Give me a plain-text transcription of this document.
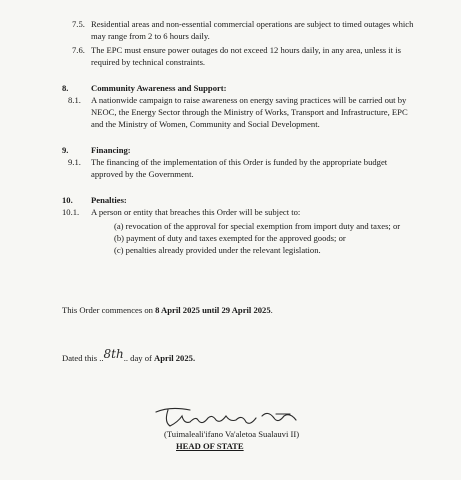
7.5. Residential areas and non-essential commercial operations are subject to timed outages which
may range from 2 to 6 hours daily.
7.6. The EPC must ensure power outages do not exceed 12 hours daily, in any area, unless it is
required by technical constraints.
8.	Community Awareness and Support:
8.1. A nationwide campaign to raise awareness on energy saving practices will be carried out by
NEOC, the Energy Sector through the Ministry of Works, Transport and Infrastructure, EPC
and the Ministry of Women, Community and Social Development.
9.	Financing:
9.1. The financing of the implementation of this Order is funded by the appropriate budget
approved by the Government.
10. Penalties:
10.1. A person or entity that breaches this Order will be subject to:
(a) revocation of the approval for special exemption from import duty and taxes; or
(b) payment of duty and taxes exempted for the approved goods; or
(c) penalties already provided under the relevant legislation.
This Order commences on 8 April 2025 until 29 April 2025.
Dated this ..8th.. day of April 2025.
(Tuimaleali'ifano Va'aletoa Sualauvi II)
HEAD OF STATE
